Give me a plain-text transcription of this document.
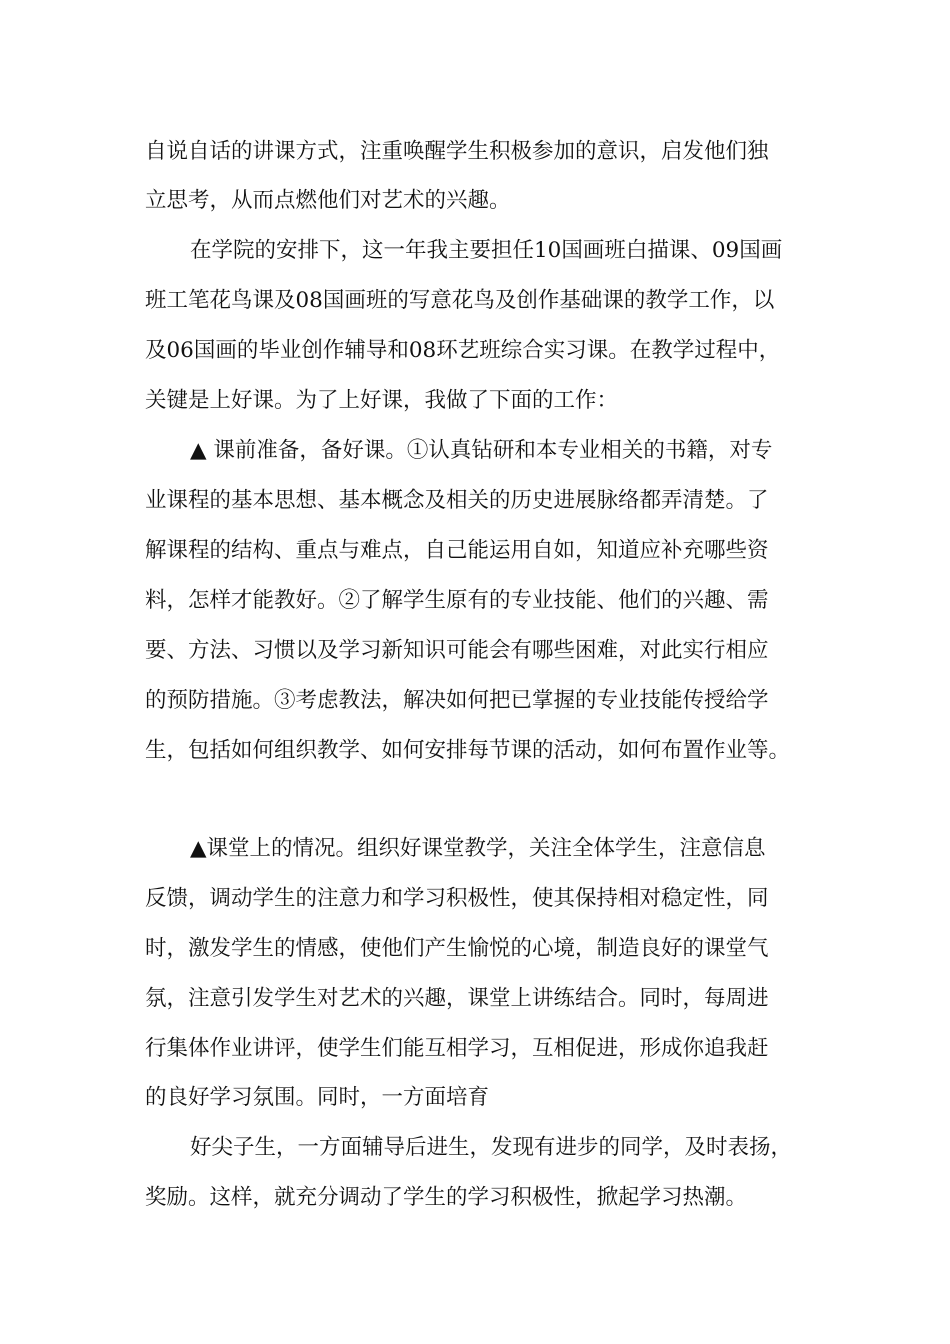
自说自话的讲课方式，注重唤醒学生积极参加的意识，启发他们独
立思考，从而点燃他们对艺术的兴趣。
在学院的安排下，这一年我主要担任10国画班白描课、09国画
班工笔花鸟课及08国画班的写意花鸟及创作基础课的教学工作，以
及06国画的毕业创作辅导和08环艺班综合实习课。在教学过程中，
关键是上好课。为了上好课，我做了下面的工作：
▲ 课前准备，备好课。①认真钻研和本专业相关的书籍，对专
业课程的基本思想、基本概念及相关的历史进展脉络都弄清楚。了
解课程的结构、重点与难点，自己能运用自如，知道应补充哪些资
料，怎样才能教好。②了解学生原有的专业技能、他们的兴趣、需
要、方法、习惯以及学习新知识可能会有哪些困难，对此实行相应
的预防措施。③考虑教法，解决如何把已掌握的专业技能传授给学
生，包括如何组织教学、如何安排每节课的活动，如何布置作业等。
▲课堂上的情况。组织好课堂教学，关注全体学生，注意信息
反馈，调动学生的注意力和学习积极性，使其保持相对稳定性，同
时，激发学生的情感，使他们产生愉悦的心境，制造良好的课堂气
氛，注意引发学生对艺术的兴趣，课堂上讲练结合。同时，每周进
行集体作业讲评，使学生们能互相学习，互相促进，形成你追我赶
的良好学习氛围。同时，一方面培育
好尖子生，一方面辅导后进生，发现有进步的同学，及时表扬，
奖励。这样，就充分调动了学生的学习积极性，掀起学习热潮。
